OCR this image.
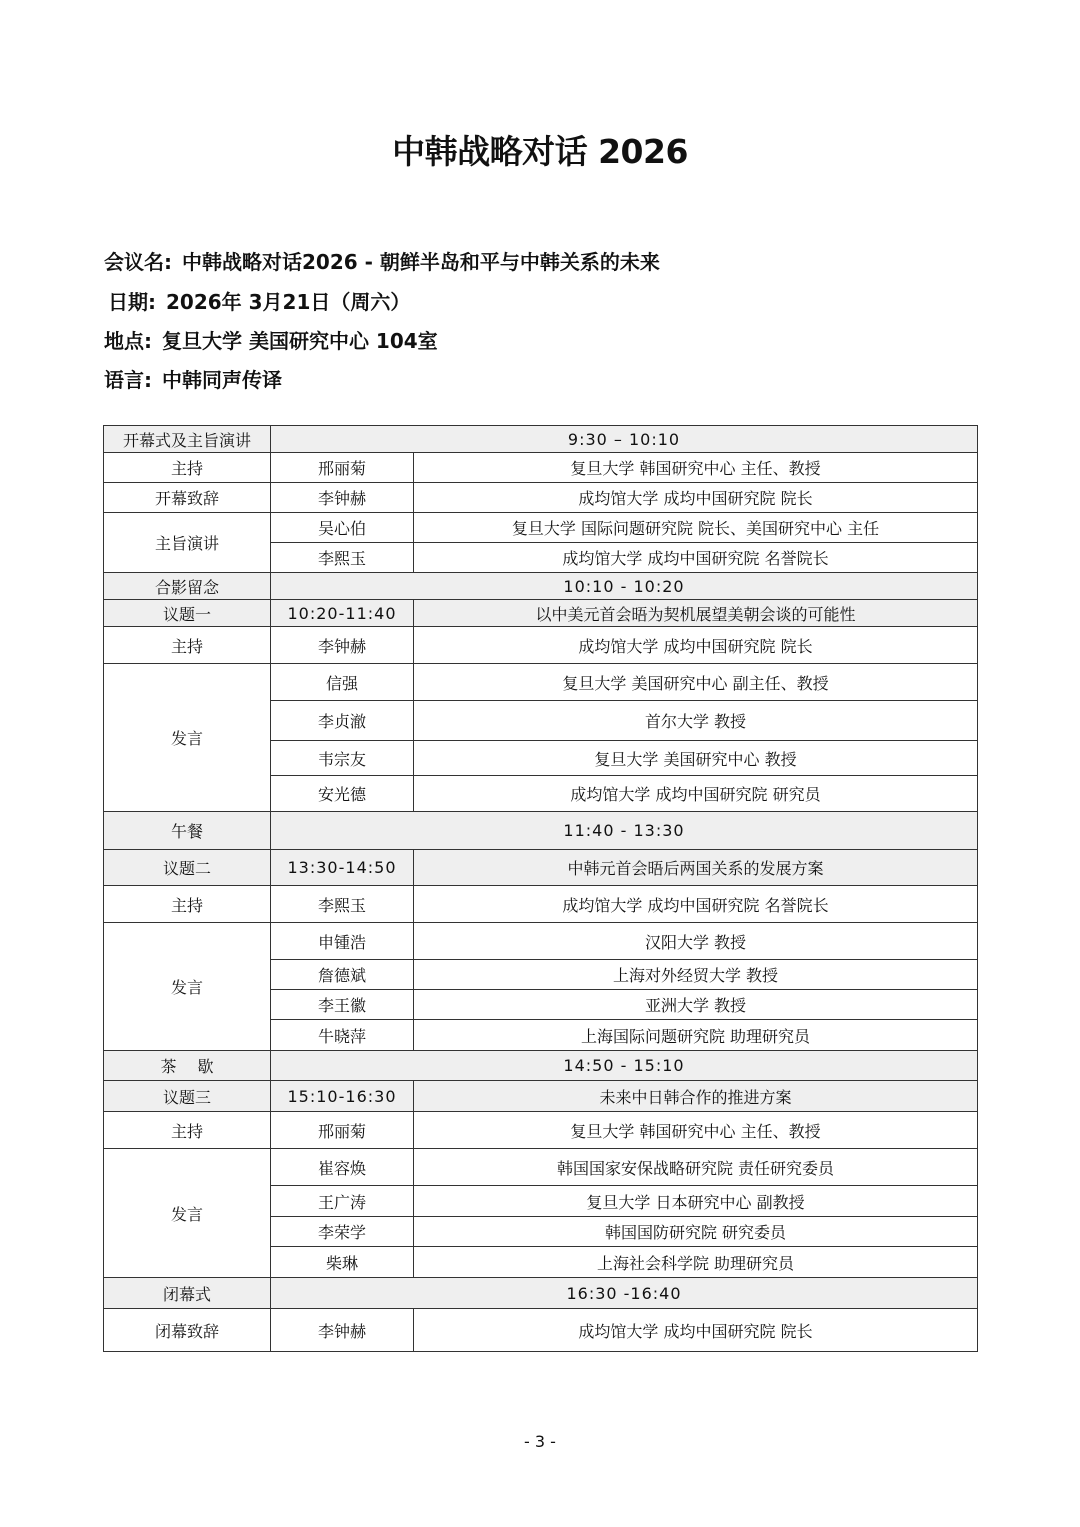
中韩战略对话 2026
会议名: 中韩战略对话2026 - 朝鲜半岛和平与中韩关系的未来
日期: 2026年 3月21日（周六）
地点: 复旦大学 美国研究中心 104室
语言: 中韩同声传译
开幕式及主旨演讲	9:30 – 10:10	
主持	邢丽菊	复旦大学 韩国研究中心 主任、教授
开幕致辞	李钟赫	成均馆大学 成均中国研究院 院长
主旨演讲	吴心伯	复旦大学 国际问题研究院 院长、美国研究中心 主任
	李熙玉	成均馆大学 成均中国研究院 名誉院长
合影留念	10:10 - 10:20	
议题一	10:20-11:40	以中美元首会晤为契机展望美朝会谈的可能性
主持	李钟赫	成均馆大学 成均中国研究院 院长
发言	信强	复旦大学 美国研究中心 副主任、教授
	李贞澈	首尔大学 教授
	韦宗友	复旦大学 美国研究中心 教授
	安光德	成均馆大学 成均中国研究院 研究员
午餐	11:40 - 13:30	
议题二	13:30-14:50	中韩元首会晤后两国关系的发展方案
主持	李熙玉	成均馆大学 成均中国研究院 名誉院长
发言	申锺浩	汉阳大学 教授
	詹德斌	上海对外经贸大学 教授
	李王徽	亚洲大学 教授
	牛晓萍	上海国际问题研究院 助理研究员
茶　 歇	14:50 - 15:10	
议题三	15:10-16:30	未来中日韩合作的推进方案
主持	邢丽菊	复旦大学 韩国研究中心 主任、教授
发言	崔容焕	韩国国家安保战略研究院 责任研究委员
	王广涛	复旦大学 日本研究中心 副教授
	李荣学	韩国国防研究院 研究委员
	柴琳	上海社会科学院 助理研究员
闭幕式	16:30 -16:40	
闭幕致辞	李钟赫	成均馆大学 成均中国研究院 院长
- 3 -
